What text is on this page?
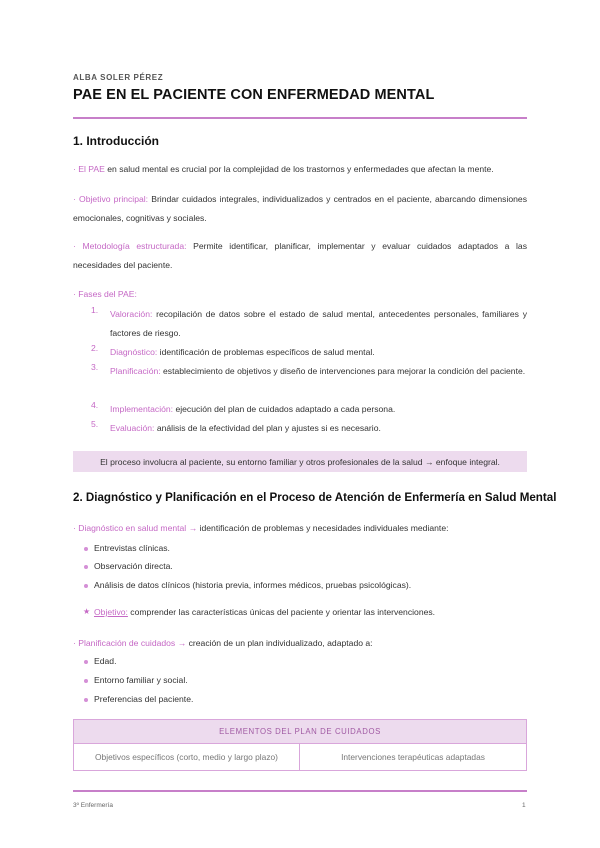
ALBA SOLER PÉREZ
PAE EN EL PACIENTE CON ENFERMEDAD MENTAL
1. Introducción
· El PAE en salud mental es crucial por la complejidad de los trastornos y enfermedades que afectan la mente.
· Objetivo principal: Brindar cuidados integrales, individualizados y centrados en el paciente, abarcando dimensiones emocionales, cognitivas y sociales.
· Metodología estructurada: Permite identificar, planificar, implementar y evaluar cuidados adaptados a las necesidades del paciente.
· Fases del PAE:
1. Valoración: recopilación de datos sobre el estado de salud mental, antecedentes personales, familiares y factores de riesgo.
2. Diagnóstico: identificación de problemas específicos de salud mental.
3. Planificación: establecimiento de objetivos y diseño de intervenciones para mejorar la condición del paciente.
4. Implementación: ejecución del plan de cuidados adaptado a cada persona.
5. Evaluación: análisis de la efectividad del plan y ajustes si es necesario.
El proceso involucra al paciente, su entorno familiar y otros profesionales de la salud → enfoque integral.
2. Diagnóstico y Planificación en el Proceso de Atención de Enfermería en Salud Mental
· Diagnóstico en salud mental → identificación de problemas y necesidades individuales mediante:
Entrevistas clínicas.
Observación directa.
Análisis de datos clínicos (historia previa, informes médicos, pruebas psicológicas).
★ Objetivo: comprender las características únicas del paciente y orientar las intervenciones.
· Planificación de cuidados → creación de un plan individualizado, adaptado a:
Edad.
Entorno familiar y social.
Preferencias del paciente.
ELEMENTOS DEL PLAN DE CUIDADOS
Objetivos específicos (corto, medio y largo plazo)	Intervenciones terapéuticas adaptadas
3º Enfermería	1
